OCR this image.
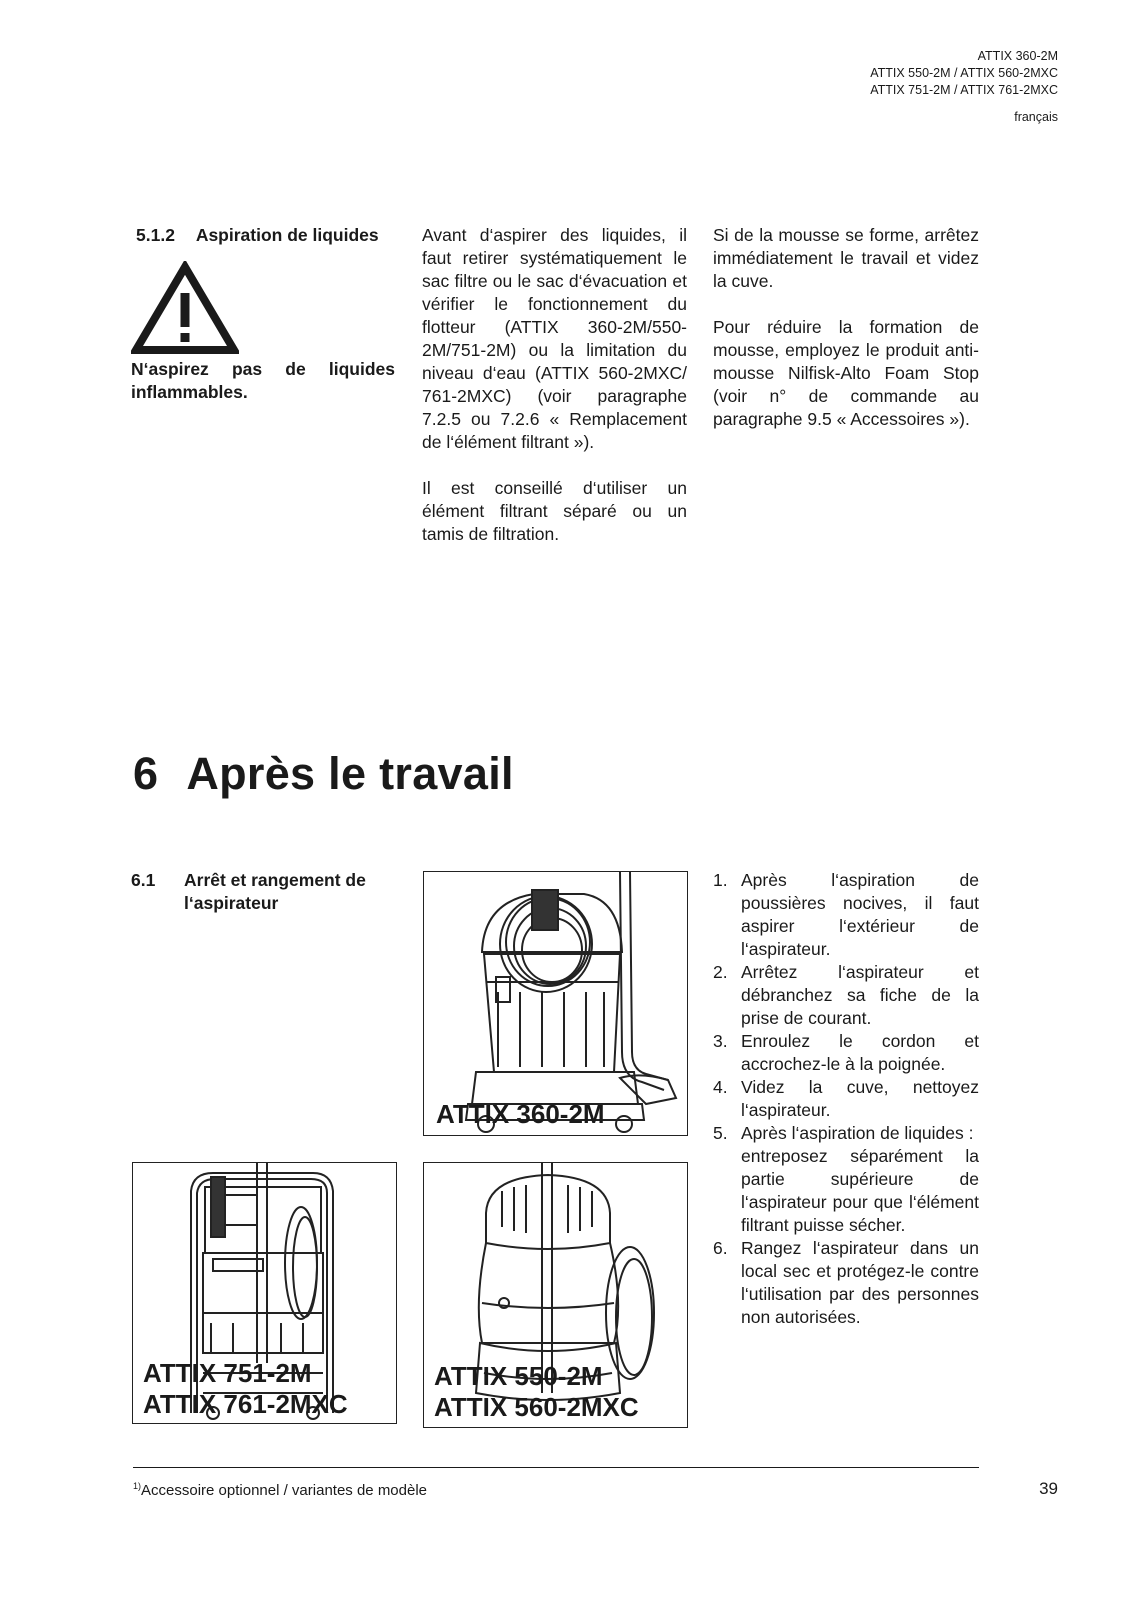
ATTIX 360-2M
ATTIX 550-2M / ATTIX 560-2MXC
ATTIX 751-2M / ATTIX 761-2MXC
français
5.1.2 Aspiration de liquides
N‘aspirez pas de liquides inflammables.

Avant d‘aspirer des liquides, il faut retirer systématiquement le sac filtre ou le sac d‘évacuation et vérifier le fonctionnement du flotteur (ATTIX 360-2M/550-2M/751-2M) ou la limitation du niveau d‘eau (ATTIX 560-2MXC/ 761-2MXC) (voir paragraphe 7.2.5 ou 7.2.6 « Remplacement de l‘élément filtrant »).

Il est conseillé d‘utiliser un élément filtrant séparé ou un tamis de filtration.

Si de la mousse se forme, arrêtez immédiatement le travail et videz la cuve.

Pour réduire la formation de mousse, employez le produit anti-mousse Nilfisk-Alto Foam Stop (voir n° de commande au paragraphe 9.5 « Accessoires »).

6 Après le travail
6.1 Arrêt et rangement de l‘aspirateur
ATTIX 360-2M
ATTIX 751-2M
ATTIX 761-2MXC
ATTIX 550-2M
ATTIX 560-2MXC
1. Après l‘aspiration de poussières nocives, il faut aspirer l‘extérieur de l‘aspirateur.
2. Arrêtez l‘aspirateur et débranchez sa fiche de la prise de courant.
3. Enroulez le cordon et accrochez-le à la poignée.
4. Videz la cuve, nettoyez l‘aspirateur.
5. Après l‘aspiration de liquides :
entreposez séparément la partie supérieure de l‘aspirateur pour que l‘élément filtrant puisse sécher.
6. Rangez l‘aspirateur dans un local sec et protégez-le contre l‘utilisation par des personnes non autorisées.
$^{1)}$Accessoire optionnel / variantes de modèle	39
